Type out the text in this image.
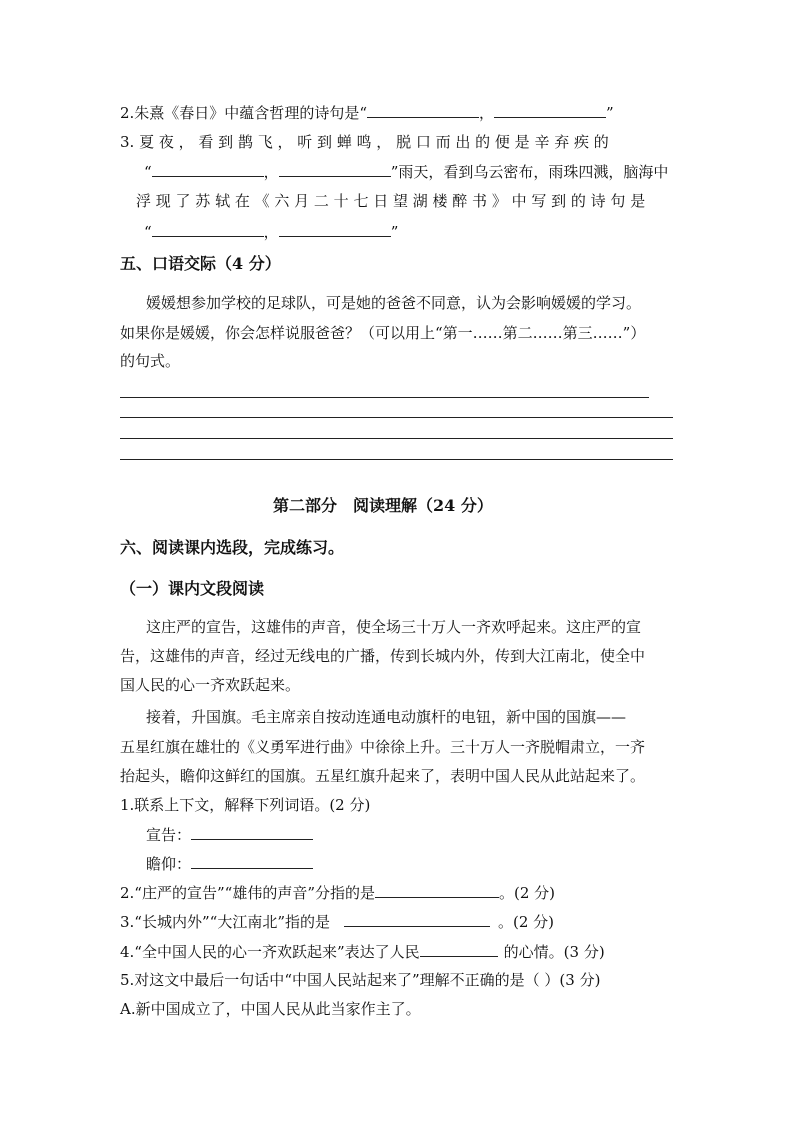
2.朱熹《春日》中蕴含哲理的诗句是“	，	”
3. 夏 夜 ， 看 到 鹊 飞 ， 听 到 蝉 鸣 ， 脱 口 而 出 的 便 是 辛 弃 疾 的
“	，	”雨天，看到乌云密布，雨珠四溅，脑海中
浮 现 了 苏 轼 在 《 六 月 二 十 七 日 望 湖 楼 醉 书 》 中 写 到 的 诗 句 是
“	，	”
五、口语交际（4 分）
媛媛想参加学校的足球队，可是她的爸爸不同意，认为会影响媛媛的学习。
如果你是媛媛，你会怎样说服爸爸？（可以用上“第一……第二……第三……”）
的句式。
第二部分　阅读理解（24 分）
六、阅读课内选段，完成练习。
（一）课内文段阅读
这庄严的宣告，这雄伟的声音，使全场三十万人一齐欢呼起来。这庄严的宣
告，这雄伟的声音，经过无线电的广播，传到长城内外，传到大江南北，使全中
国人民的心一齐欢跃起来。
接着，升国旗。毛主席亲自按动连通电动旗杆的电钮，新中国的国旗——
五星红旗在雄壮的《义勇军进行曲》中徐徐上升。三十万人一齐脱帽肃立，一齐
抬起头，瞻仰这鲜红的国旗。五星红旗升起来了，表明中国人民从此站起来了。
1.联系上下文，解释下列词语。(2 分)
宣告：
瞻仰：
2.“庄严的宣告”“雄伟的声音”分指的是	。(2 分)
3.“长城内外”“大江南北”指的是	。(2 分)
4.“全中国人民的心一齐欢跃起来”表达了人民	的心情。(3 分)
5.对这文中最后一句话中“中国人民站起来了”理解不正确的是（ ）(3 分)
A.新中国成立了，中国人民从此当家作主了。
